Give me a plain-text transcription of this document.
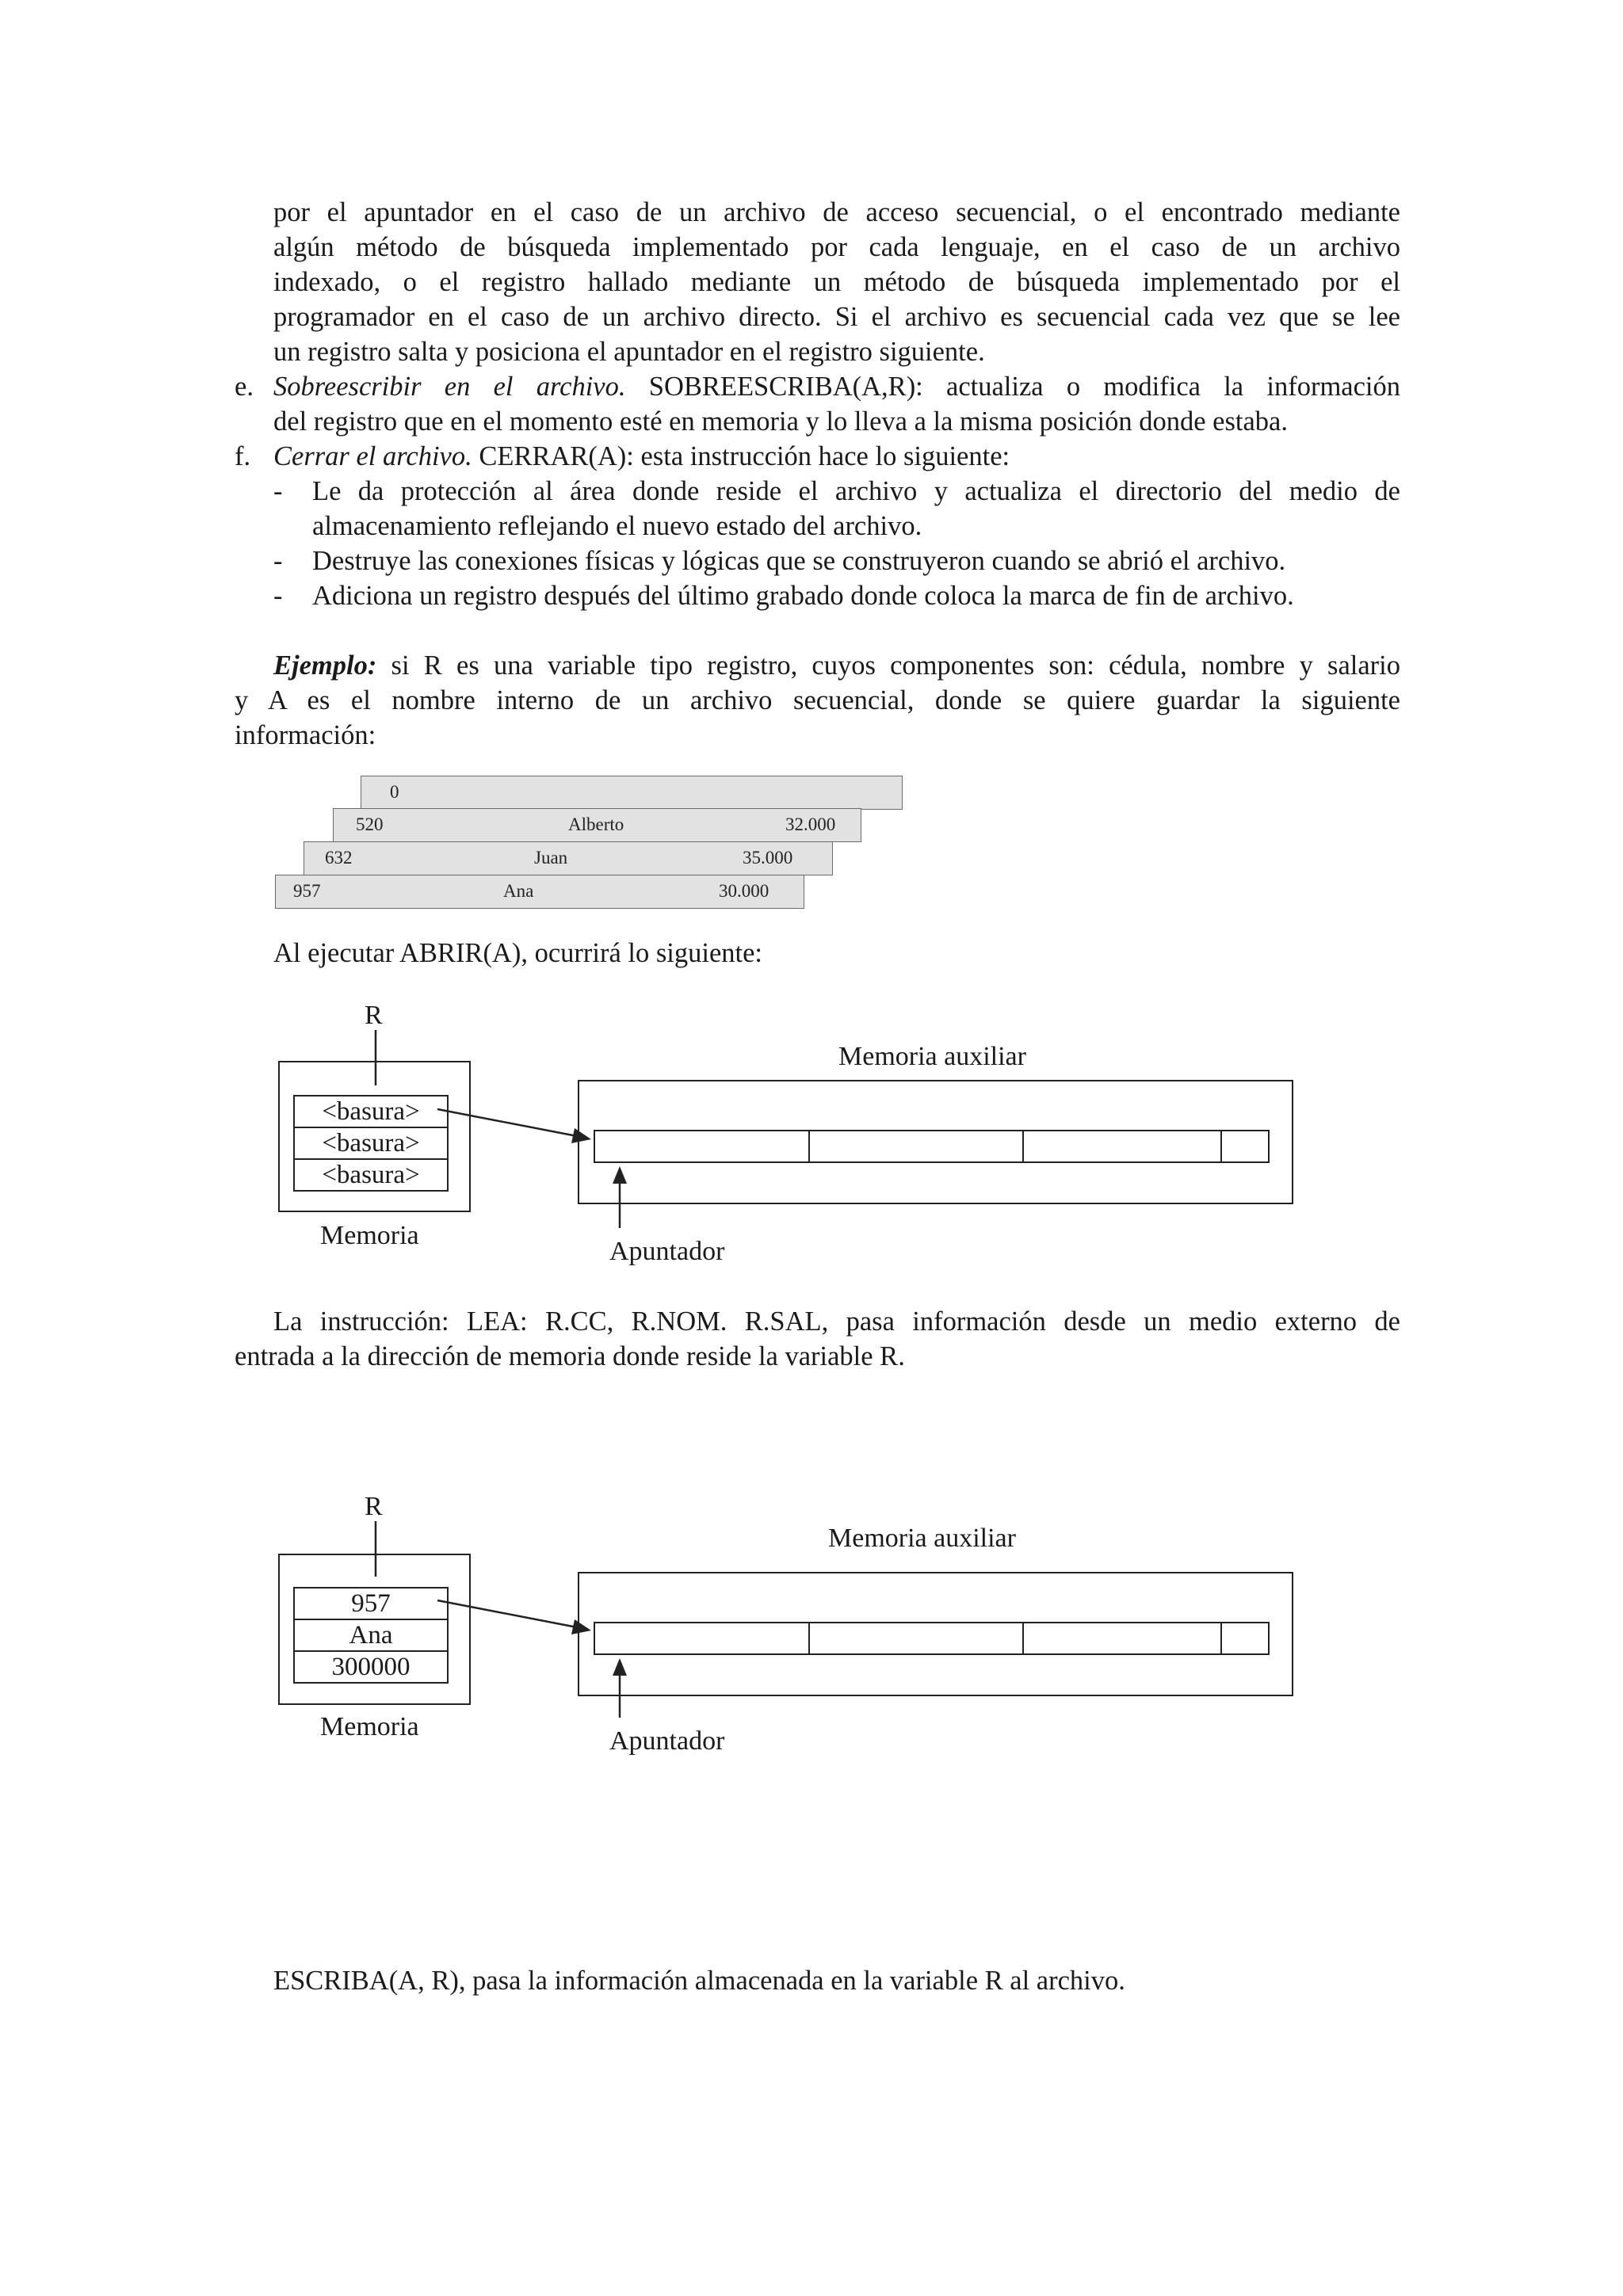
por el apuntador en el caso de un archivo de acceso secuencial, o el encontrado mediante
algún método de búsqueda implementado por cada lenguaje, en el caso de un archivo
indexado, o el registro hallado mediante un método de búsqueda implementado por el
programador en el caso de un archivo directo. Si el archivo es secuencial cada vez que se lee
un registro salta y posiciona el apuntador en el registro siguiente.
e. Sobreescribir en el archivo. SOBREESCRIBA(A,R): actualiza o modifica la información
del registro que en el momento esté en memoria y lo lleva a la misma posición donde estaba.
f. Cerrar el archivo. CERRAR(A): esta instrucción hace lo siguiente:
- Le da protección al área donde reside el archivo y actualiza el directorio del medio de
almacenamiento reflejando el nuevo estado del archivo.
- Destruye las conexiones físicas y lógicas que se construyeron cuando se abrió el archivo.
- Adiciona un registro después del último grabado donde coloca la marca de fin de archivo.
Ejemplo: si R es una variable tipo registro, cuyos componentes son: cédula, nombre y salario
y A es el nombre interno de un archivo secuencial, donde se quiere guardar la siguiente
información:
0
520	Alberto	32.000
632	Juan	35.000
957	Ana	30.000
Al ejecutar ABRIR(A), ocurrirá lo siguiente:
R
<basura>
<basura>
<basura>
Memoria
Memoria auxiliar
Apuntador
La instrucción: LEA: R.CC, R.NOM. R.SAL, pasa información desde un medio externo de
entrada a la dirección de memoria donde reside la variable R.
R
957
Ana
300000
Memoria
Memoria auxiliar
Apuntador
ESCRIBA(A, R), pasa la información almacenada en la variable R al archivo.
